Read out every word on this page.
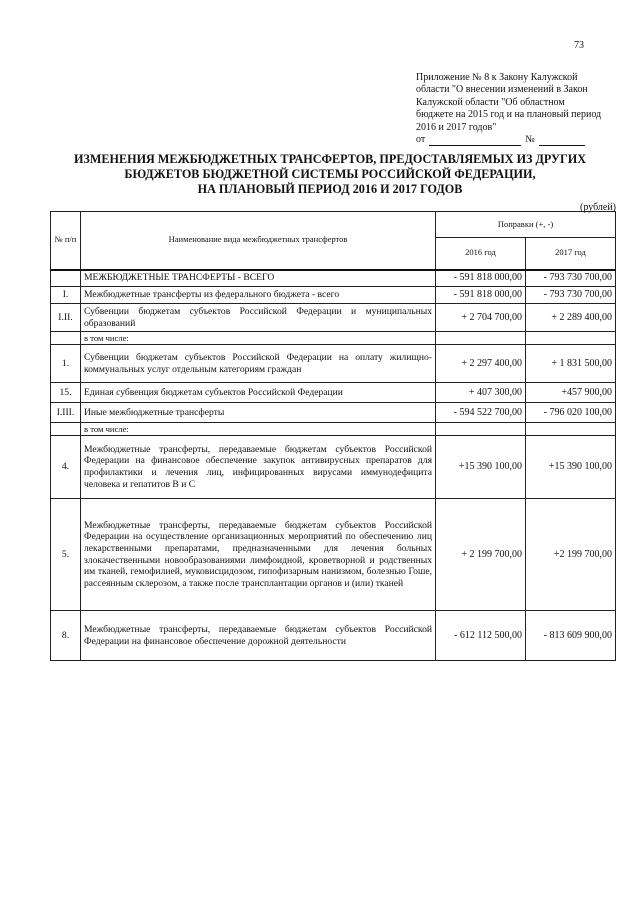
73
Приложение № 8 к Закону Калужской
области "О внесении изменений в Закон
Калужской области "Об областном
бюджете на 2015 год и на плановый период
2016 и 2017 годов"
от	№
ИЗМЕНЕНИЯ МЕЖБЮДЖЕТНЫХ ТРАНСФЕРТОВ, ПРЕДОСТАВЛЯЕМЫХ ИЗ ДРУГИХ
БЮДЖЕТОВ БЮДЖЕТНОЙ СИСТЕМЫ РОССИЙСКОЙ ФЕДЕРАЦИИ,
НА ПЛАНОВЫЙ ПЕРИОД 2016 И 2017 ГОДОВ
(рублей)
№ п/п	Наименование вида межбюджетных трансфертов	Поправки (+, -)	
		2016 год	2017 год
	МЕЖБЮДЖЕТНЫЕ ТРАНСФЕРТЫ - ВСЕГО	- 591 818 000,00	- 793 730 700,00
I.	Межбюджетные трансферты из федерального бюджета - всего	- 591 818 000,00	- 793 730 700,00
I.II.	Субвенции бюджетам субъектов Российской Федерации и муниципальных образований	+ 2 704 700,00	+ 2 289 400,00
	в том числе:		
1.	Субвенции бюджетам субъектов Российской Федерации на оплату жилищно-коммунальных услуг отдельным категориям граждан	+ 2 297 400,00	+ 1 831 500,00
15.	Единая субвенция бюджетам субъектов Российской Федерации	+ 407 300,00	+457 900,00
I.III.	Иные межбюджетные трансферты	- 594 522 700,00	- 796 020 100,00
	в том числе:		
4.	Межбюджетные трансферты, передаваемые бюджетам субъектов Российской Федерации на финансовое обеспечение закупок антивирусных препаратов для профилактики и лечения лиц, инфицированных вирусами иммунодефицита человека и гепатитов В и С	+15 390 100,00	+15 390 100,00
5.	Межбюджетные трансферты, передаваемые бюджетам субъектов Российской Федерации на осуществление организационных мероприятий по обеспечению лиц лекарственными препаратами, предназначенными для лечения больных злокачественными новообразованиями лимфоидной, кроветворной и родственных им тканей, гемофилией, муковисцидозом, гипофизарным нанизмом, болезнью Гоше, рассеянным склерозом, а также после трансплантации органов и (или) тканей	+ 2 199 700,00	+2 199 700,00
8.	Межбюджетные трансферты, передаваемые бюджетам субъектов Российской Федерации на финансовое обеспечение дорожной деятельности	- 612 112 500,00	- 813 609 900,00
